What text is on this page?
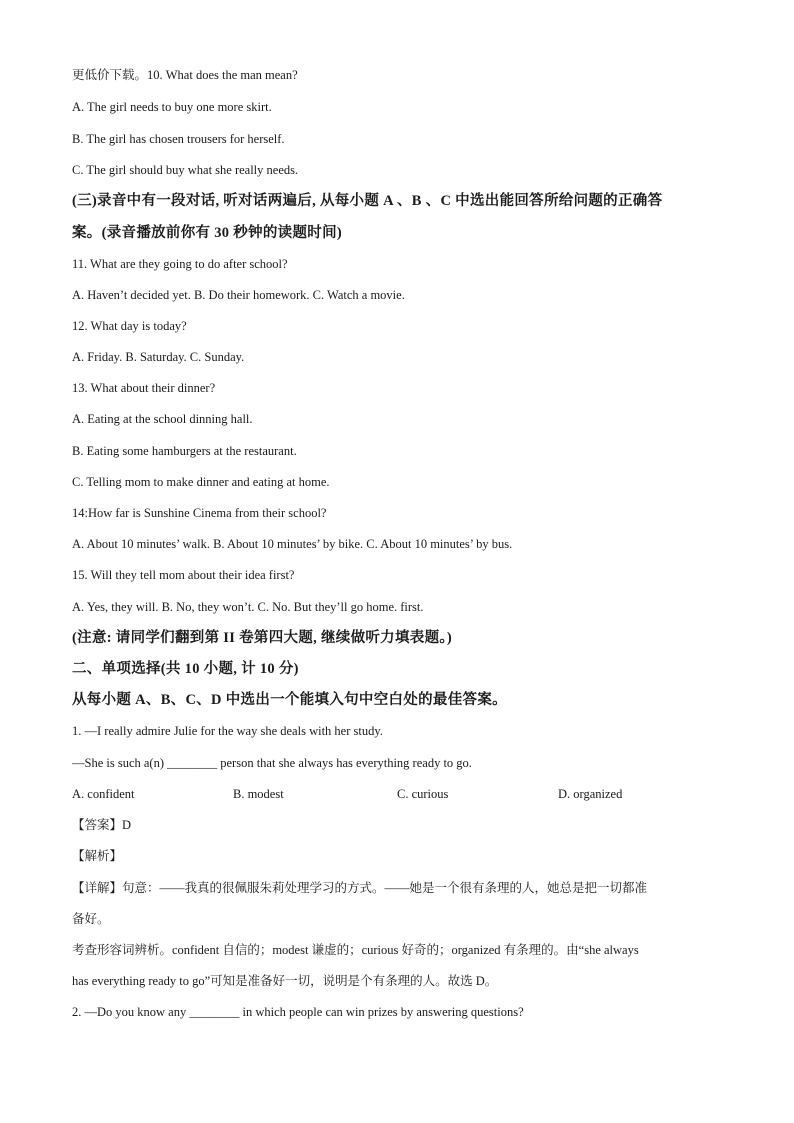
更低价下载。10. What does the man mean?
A. The girl needs to buy one more skirt.
B. The girl has chosen trousers for herself.
C. The girl should buy what she really needs.
(三)录音中有一段对话, 听对话两遍后, 从每小题 A 、B 、C 中选出能回答所给问题的正确答
案。(录音播放前你有 30 秒钟的读题时间)
11. What are they going to do after school?
A. Haven’t decided yet. B. Do their homework. C. Watch a movie.
12. What day is today?
A. Friday. B. Saturday. C. Sunday.
13. What about their dinner?
A. Eating at the school dinning hall.
B. Eating some hamburgers at the restaurant.
C. Telling mom to make dinner and eating at home.
14:How far is Sunshine Cinema from their school?
A. About 10 minutes’ walk. B. About 10 minutes’ by bike. C. About 10 minutes’ by bus.
15. Will they tell mom about their idea first?
A. Yes, they will. B. No, they won’t. C. No. But they’ll go home. first.
(注意: 请同学们翻到第 II 卷第四大题, 继续做听力填表题。)
二、单项选择(共 10 小题, 计 10 分)
从每小题 A、B、C、D 中选出一个能填入句中空白处的最佳答案。
1. —I really admire Julie for the way she deals with her study.
—She is such a(n) ________ person that she always has everything ready to go.
A. confident	B. modest	C. curious	D. organized
【答案】D
【解析】
【详解】句意：——我真的很佩服朱莉处理学习的方式。——她是一个很有条理的人，她总是把一切都准
备好。
考查形容词辨析。confident 自信的；modest 谦虚的；curious 好奇的；organized 有条理的。由“she always
has everything ready to go”可知是准备好一切，说明是个有条理的人。故选 D。
2. —Do you know any ________ in which people can win prizes by answering questions?
